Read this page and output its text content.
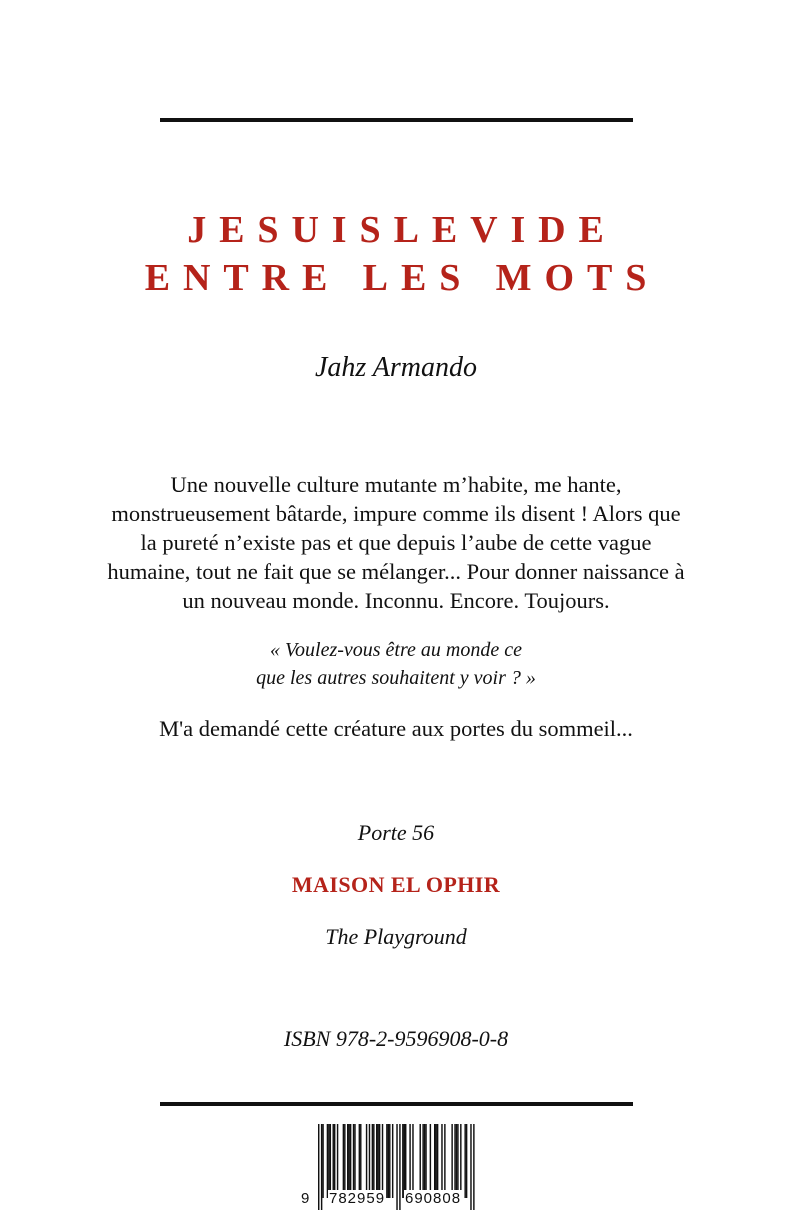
JESUISLEVIDE
ENTRE LES MOTS
Jahz Armando
Une nouvelle culture mutante m’habite, me hante,
monstrueusement bâtarde, impure comme ils disent ! Alors que
la pureté n’existe pas et que depuis l’aube de cette vague
humaine, tout ne fait que se mélanger... Pour donner naissance à
un nouveau monde. Inconnu. Encore. Toujours.
« Voulez-vous être au monde ce
que les autres souhaitent y voir ? »
M'a demandé cette créature aux portes du sommeil...
Porte 56
MAISON EL OPHIR
The Playground
ISBN 978-2-9596908-0-8
9 782959 690808
